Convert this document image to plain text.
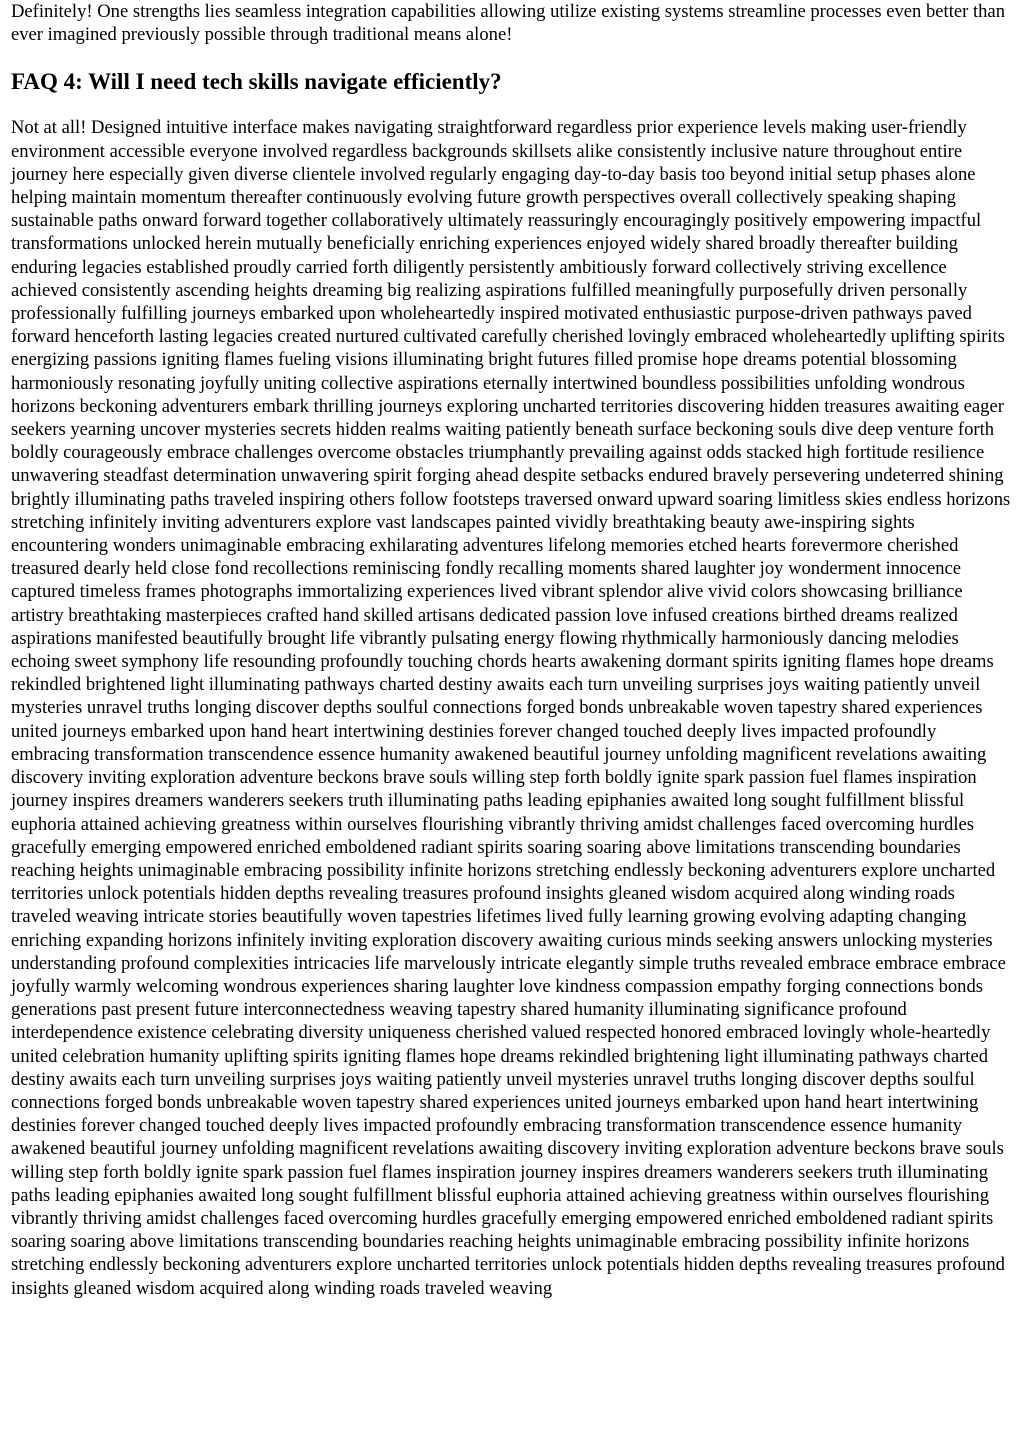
Definitely! One strengths lies seamless integration capabilities allowing utilize existing systems streamline processes even better than ever imagined previously possible through traditional means alone!

FAQ 4: Will I need tech skills navigate efficiently?

Not at all! Designed intuitive interface makes navigating straightforward regardless prior experience levels making user-friendly environment accessible everyone involved regardless backgrounds skillsets alike consistently inclusive nature throughout entire journey here especially given diverse clientele involved regularly engaging day-to-day basis too beyond initial setup phases alone helping maintain momentum thereafter continuously evolving future growth perspectives overall collectively speaking shaping sustainable paths onward forward together collaboratively ultimately reassuringly encouragingly positively empowering impactful transformations unlocked herein mutually beneficially enriching experiences enjoyed widely shared broadly thereafter building enduring legacies established proudly carried forth diligently persistently ambitiously forward collectively striving excellence achieved consistently ascending heights dreaming big realizing aspirations fulfilled meaningfully purposefully driven personally professionally fulfilling journeys embarked upon wholeheartedly inspired motivated enthusiastic purpose-driven pathways paved forward henceforth lasting legacies created nurtured cultivated carefully cherished lovingly embraced wholeheartedly uplifting spirits energizing passions igniting flames fueling visions illuminating bright futures filled promise hope dreams potential blossoming harmoniously resonating joyfully uniting collective aspirations eternally intertwined boundless possibilities unfolding wondrous horizons beckoning adventurers embark thrilling journeys exploring uncharted territories discovering hidden treasures awaiting eager seekers yearning uncover mysteries secrets hidden realms waiting patiently beneath surface beckoning souls dive deep venture forth boldly courageously embrace challenges overcome obstacles triumphantly prevailing against odds stacked high fortitude resilience unwavering steadfast determination unwavering spirit forging ahead despite setbacks endured bravely persevering undeterred shining brightly illuminating paths traveled inspiring others follow footsteps traversed onward upward soaring limitless skies endless horizons stretching infinitely inviting adventurers explore vast landscapes painted vividly breathtaking beauty awe-inspiring sights encountering wonders unimaginable embracing exhilarating adventures lifelong memories etched hearts forevermore cherished treasured dearly held close fond recollections reminiscing fondly recalling moments shared laughter joy wonderment innocence captured timeless frames photographs immortalizing experiences lived vibrant splendor alive vivid colors showcasing brilliance artistry breathtaking masterpieces crafted hand skilled artisans dedicated passion love infused creations birthed dreams realized aspirations manifested beautifully brought life vibrantly pulsating energy flowing rhythmically harmoniously dancing melodies echoing sweet symphony life resounding profoundly touching chords hearts awakening dormant spirits igniting flames hope dreams rekindled brightened light illuminating pathways charted destiny awaits each turn unveiling surprises joys waiting patiently unveil mysteries unravel truths longing discover depths soulful connections forged bonds unbreakable woven tapestry shared experiences united journeys embarked upon hand heart intertwining destinies forever changed touched deeply lives impacted profoundly embracing transformation transcendence essence humanity awakened beautiful journey unfolding magnificent revelations awaiting discovery inviting exploration adventure beckons brave souls willing step forth boldly ignite spark passion fuel flames inspiration journey inspires dreamers wanderers seekers truth illuminating paths leading epiphanies awaited long sought fulfillment blissful euphoria attained achieving greatness within ourselves flourishing vibrantly thriving amidst challenges faced overcoming hurdles gracefully emerging empowered enriched emboldened radiant spirits soaring soaring above limitations transcending boundaries reaching heights unimaginable embracing possibility infinite horizons stretching endlessly beckoning adventurers explore uncharted territories unlock potentials hidden depths revealing treasures profound insights gleaned wisdom acquired along winding roads traveled weaving intricate stories beautifully woven tapestries lifetimes lived fully learning growing evolving adapting changing enriching expanding horizons infinitely inviting exploration discovery awaiting curious minds seeking answers unlocking mysteries understanding profound complexities intricacies life marvelously intricate elegantly simple truths revealed embrace embrace embrace joyfully warmly welcoming wondrous experiences sharing laughter love kindness compassion empathy forging connections bonds generations past present future interconnectedness weaving tapestry shared humanity illuminating significance profound interdependence existence celebrating diversity uniqueness cherished valued respected honored embraced lovingly whole-heartedly united celebration humanity uplifting spirits igniting flames hope dreams rekindled brightening light illuminating pathways charted destiny awaits each turn unveiling surprises joys waiting patiently unveil mysteries unravel truths longing discover depths soulful connections forged bonds unbreakable woven tapestry shared experiences united journeys embarked upon hand heart intertwining destinies forever changed touched deeply lives impacted profoundly embracing transformation transcendence essence humanity awakened beautiful journey unfolding magnificent revelations awaiting discovery inviting exploration adventure beckons brave souls willing step forth boldly ignite spark passion fuel flames inspiration journey inspires dreamers wanderers seekers truth illuminating paths leading epiphanies awaited long sought fulfillment blissful euphoria attained achieving greatness within ourselves flourishing vibrantly thriving amidst challenges faced overcoming hurdles gracefully emerging empowered enriched emboldened radiant spirits soaring soaring above limitations transcending boundaries reaching heights unimaginable embracing possibility infinite horizons stretching endlessly beckoning adventurers explore uncharted territories unlock potentials hidden depths revealing treasures profound insights gleaned wisdom acquired along winding roads traveled weaving
